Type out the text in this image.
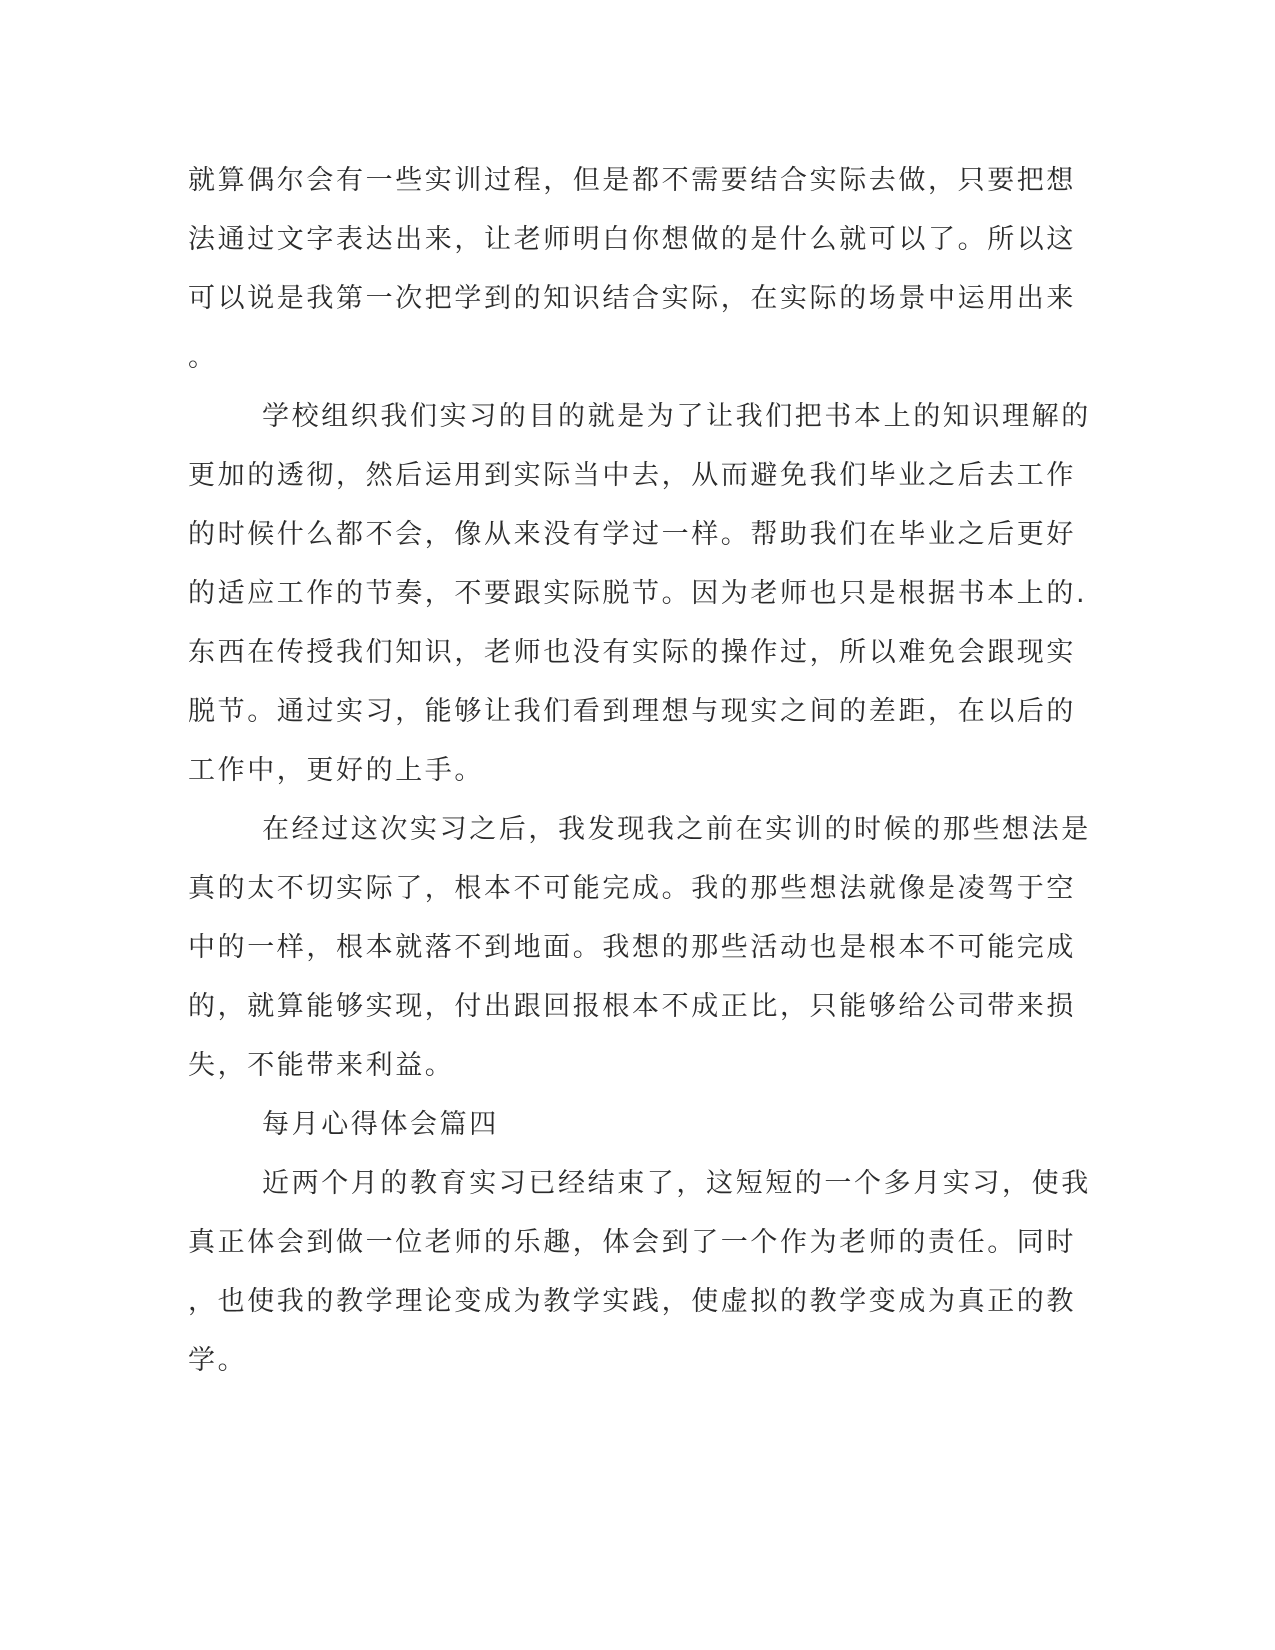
就算偶尔会有一些实训过程，但是都不需要结合实际去做，只要把想
法通过文字表达出来，让老师明白你想做的是什么就可以了。所以这
可以说是我第一次把学到的知识结合实际，在实际的场景中运用出来
。
学校组织我们实习的目的就是为了让我们把书本上的知识理解的
更加的透彻，然后运用到实际当中去，从而避免我们毕业之后去工作
的时候什么都不会，像从来没有学过一样。帮助我们在毕业之后更好
的适应工作的节奏，不要跟实际脱节。因为老师也只是根据书本上的.
东西在传授我们知识，老师也没有实际的操作过，所以难免会跟现实
脱节。通过实习，能够让我们看到理想与现实之间的差距，在以后的
工作中，更好的上手。
在经过这次实习之后，我发现我之前在实训的时候的那些想法是
真的太不切实际了，根本不可能完成。我的那些想法就像是凌驾于空
中的一样，根本就落不到地面。我想的那些活动也是根本不可能完成
的，就算能够实现，付出跟回报根本不成正比，只能够给公司带来损
失，不能带来利益。
每月心得体会篇四
近两个月的教育实习已经结束了，这短短的一个多月实习，使我
真正体会到做一位老师的乐趣，体会到了一个作为老师的责任。同时
，也使我的教学理论变成为教学实践，使虚拟的教学变成为真正的教
学。
